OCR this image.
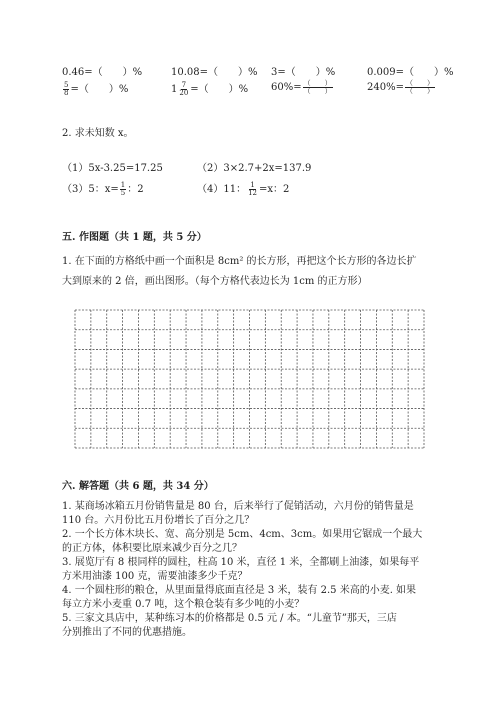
0.46=（　　）%	10.08=（　　）% 3=（　　）%	0.009=（　　）%
$\frac{5}{8}$ =（　　）%	$1 \frac{7}{20}$ =（　　）% $60\%= \frac{( )}{( )}$	$240\%= \frac{( )}{( )}$
2. 求未知数 x。
（1）5x-3.25=17.25	（2）3×2.7+2x=137.9
（3）5：$x= \frac{1}{5}$ ：2	（4）11： $\frac{1}{12} =x$：2
五. 作图题（共 1 题，共 5 分）
1. 在下面的方格纸中画一个面积是 8cm² 的长方形，再把这个长方形的各边长扩
大到原来的 2 倍，画出图形。（每个方格代表边长为 1cm 的正方形）
六. 解答题（共 6 题，共 34 分）
1. 某商场冰箱五月份销售量是 80 台，后来举行了促销活动，六月份的销售量是
110 台。六月份比五月份增长了百分之几？
2. 一个长方体木块长、宽、高分别是 5cm、4cm、3cm。如果用它锯成一个最大
的正方体，体积要比原来减少百分之几？
3. 展览厅有 8 根同样的圆柱，柱高 10 米，直径 1 米，全都刷上油漆，如果每平
方米用油漆 100 克，需要油漆多少千克？
4. 一个圆柱形的粮仓，从里面量得底面直径是 3 米，装有 2.5 米高的小麦. 如果
每立方米小麦重 0.7 吨，这个粮仓装有多少吨的小麦？
5. 三家文具店中，某种练习本的价格都是 0.5 元 / 本。“儿童节”那天，三店
分别推出了不同的优惠措施。
